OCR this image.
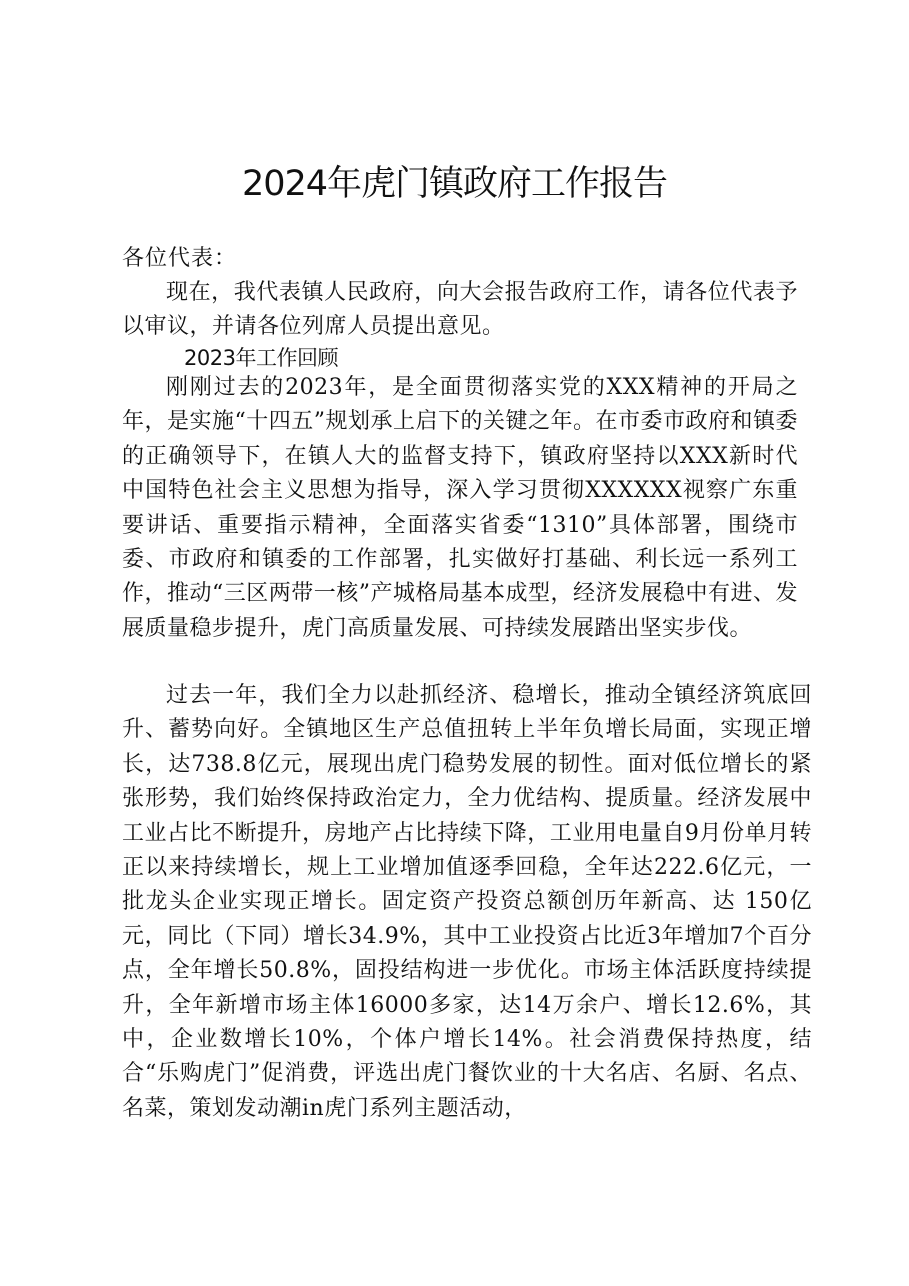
2024年虎门镇政府工作报告

各位代表：

现在，我代表镇人民政府，向大会报告政府工作，请各位代表予以审议，并请各位列席人员提出意见。

2023年工作回顾

刚刚过去的2023年，是全面贯彻落实党的XXX精神的开局之年，是实施“十四五”规划承上启下的关键之年。在市委市政府和镇委的正确领导下，在镇人大的监督支持下，镇政府坚持以XXX新时代中国特色社会主义思想为指导，深入学习贯彻XXXXXX视察广东重要讲话、重要指示精神，全面落实省委“1310”具体部署，围绕市委、市政府和镇委的工作部署，扎实做好打基础、利长远一系列工作，推动“三区两带一核”产城格局基本成型，经济发展稳中有进、发展质量稳步提升，虎门高质量发展、可持续发展踏出坚实步伐。

过去一年，我们全力以赴抓经济、稳增长，推动全镇经济筑底回升、蓄势向好。全镇地区生产总值扭转上半年负增长局面，实现正增长，达738.8亿元，展现出虎门稳势发展的韧性。面对低位增长的紧张形势，我们始终保持政治定力，全力优结构、提质量。经济发展中工业占比不断提升，房地产占比持续下降，工业用电量自9月份单月转正以来持续增长，规上工业增加值逐季回稳，全年达222.6亿元，一批龙头企业实现正增长。固定资产投资总额创历年新高、达 150亿元，同比（下同）增长34.9%，其中工业投资占比近3年增加7个百分点，全年增长50.8%，固投结构进一步优化。市场主体活跃度持续提升，全年新增市场主体16000多家，达14万余户、增长12.6%，其中，企业数增长10%，个体户增长14%。社会消费保持热度，结合“乐购虎门”促消费，评选出虎门餐饮业的十大名店、名厨、名点、名菜，策划发动潮in虎门系列主题活动，
